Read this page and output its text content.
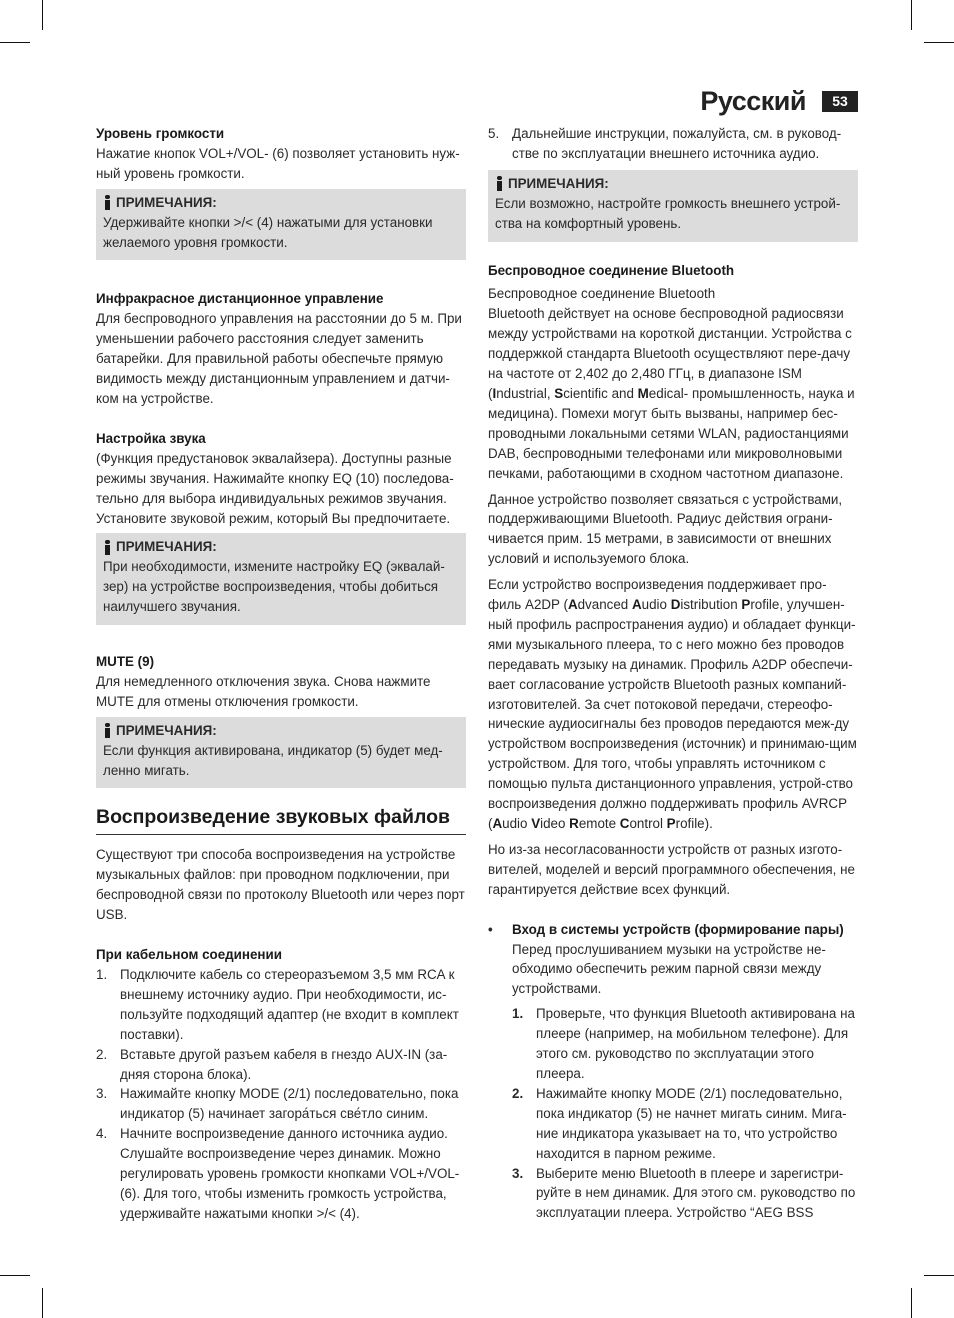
Русский	53

Уровень громкости

Нажатие кнопок VOL+/VOL- (6) позволяет установить нуж-ный уровень громкости.

ПРИМЕЧАНИЯ:

Удерживайте кнопки >/< (4) нажатыми для установки желаемого уровня громкости.

Инфракрасное дистанционное управление

Для беспроводного управления на расстоянии до 5 м. При уменьшении рабочего расстояния следует заменить батарейки. Для правильной работы обеспечьте прямую видимость между дистанционным управлением и датчи-ком на устройстве.

Настройка звука

(Функция предустановок эквалайзера). Доступны разные режимы звучания. Нажимайте кнопку EQ (10) последова-тельно для выбора индивидуальных режимов звучания. Установите звуковой режим, который Вы предпочитаете.

ПРИМЕЧАНИЯ:

При необходимости, измените настройку EQ (эквалай-зер) на устройстве воспроизведения, чтобы добиться наилучшего звучания.

MUTE (9)

Для немедленного отключения звука. Снова нажмите MUTE для отмены отключения громкости.

ПРИМЕЧАНИЯ:

Если функция активирована, индикатор (5) будет мед-ленно мигать.

Воспроизведение звуковых файлов

Существуют три способа воспроизведения на устройстве музыкальных файлов: при проводном подключении, при беспроводной связи по протоколу Bluetooth или через порт USB.

При кабельном соединении

1. Подключите кабель со стереоразъемом 3,5 мм RCA к внешнему источнику аудио. При необходимости, ис-пользуйте подходящий адаптер (не входит в комплект поставки).
2. Вставьте другой разъем кабеля в гнездо AUX-IN (за-дняя сторона блока).
3. Нажимайте кнопку MODE (2/1) последовательно, пока индикатор (5) начинает загора́ться све́тло синим.
4. Начните воспроизведение данного источника аудио. Слушайте воспроизведение через динамик. Можно регулировать уровень громкости кнопками VOL+/VOL-(6). Для того, чтобы изменить громкость устройства, удерживайте нажатыми кнопки >/< (4).
5. Дальнейшие инструкции, пожалуйста, см. в руковод-стве по эксплуатации внешнего источника аудио.
ПРИМЕЧАНИЯ:

Если возможно, настройте громкость внешнего устрой-ства на комфортный уровень.

Беспроводное соединение Bluetooth

Беспроводное соединение Bluetooth

Bluetooth действует на основе беспроводной радиосвязи между устройствами на короткой дистанции. Устройства с поддержкой стандарта Bluetooth осуществляют пере-дачу на частоте от 2,402 до 2,480 ГГц, в диапазоне ISM (Industrial, Scientific and Medical- промышленность, наука и медицина). Помехи могут быть вызваны, например бес-проводными локальными сетями WLAN, радиостанциями DAB, беспроводными телефонами или микроволновыми печками, работающими в сходном частотном диапазоне.

Данное устройство позволяет связаться с устройствами, поддерживающими Bluetooth. Радиус действия ограни-чивается прим. 15 метрами, в зависимости от внешних условий и используемого блока.

Если устройство воспроизведения поддерживает про-филь A2DP (Advanced Audio Distribution Profile, улучшен-ный профиль распространения аудио) и обладает функци-ями музыкального плеера, то с него можно без проводов передавать музыку на динамик. Профиль A2DP обеспечи-вает согласование устройств Bluetooth разных компаний-изготовителей. За счет потоковой передачи, стереофо-нические аудиосигналы без проводов передаются меж-ду устройством воспроизведения (источник) и принимаю-щим устройством. Для того, чтобы управлять источником с помощью пульта дистанционного управления, устрой-ство воспроизведения должно поддерживать профиль AVRCP (Audio Video Remote Control Profile).

Но из-за несогласованности устройств от разных изгото-вителей, моделей и версий программного обеспечения, не гарантируется действие всех функций.

•	Вход в системы устройств (формирование пары)

Перед прослушиванием музыки на устройстве не-обходимо обеспечить режим парной связи между устройствами.

1. Проверьте, что функция Bluetooth активирована на плеере (например, на мобильном телефоне). Для этого см. руководство по эксплуатации этого плеера.
2. Нажимайте кнопку MODE (2/1) последовательно, пока индикатор (5) не начнет мигать синим. Мига-ние индикатора указывает на то, что устройство находится в парном режиме.
3. Выберите меню Bluetooth в плеере и зарегистри-руйте в нем динамик. Для этого см. руководство по эксплуатации плеера. Устройство “AEG BSS
